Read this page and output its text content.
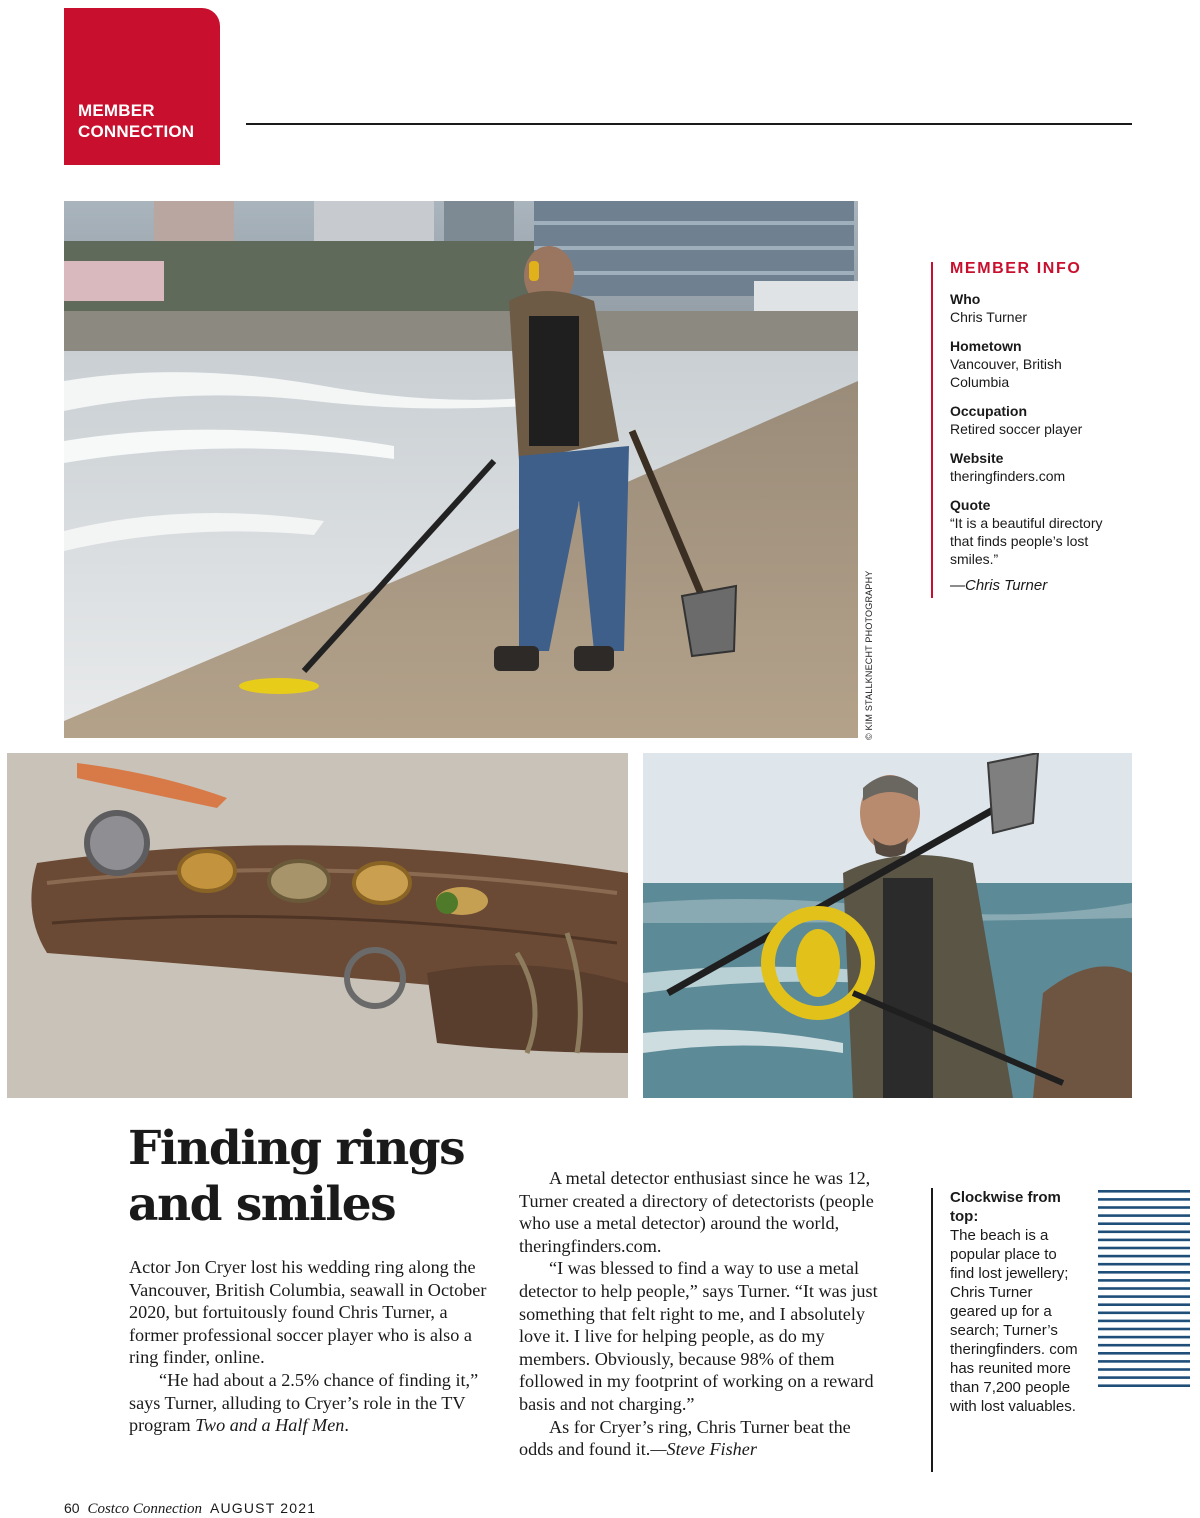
MEMBER
CONNECTION
© KIM STALLKNECHT PHOTOGRAPHY
MEMBER INFO
Who
Chris Turner
Hometown
Vancouver, British Columbia
Occupation
Retired soccer player
Website
theringfinders.com
Quote
“It is a beautiful directory that finds people’s lost smiles.”
—Chris Turner
Finding rings
and smiles

Actor Jon Cryer lost his wedding ring along the Vancouver, British Columbia, seawall in October 2020, but fortuitously found Chris Turner, a former professional soccer player who is also a ring finder, online.

“He had about a 2.5% chance of finding it,” says Turner, alluding to Cryer’s role in the TV program Two and a Half Men.

A metal detector enthusiast since he was 12, Turner created a directory of detectorists (people who use a metal detector) around the world, theringfinders.com.

“I was blessed to find a way to use a metal detector to help people,” says Turner. “It was just something that felt right to me, and I absolutely love it. I live for helping people, as do my members. Obviously, because 98% of them followed in my footprint of working on a reward basis and not charging.”

As for Cryer’s ring, Chris Turner beat the odds and found it.—Steve Fisher

Clockwise from top:
The beach is a popular place to find lost jewellery; Chris Turner geared up for a search; Turner’s theringfinders. com has reunited more than 7,200 people with lost valuables.
60 Costco Connection AUGUST 2021
